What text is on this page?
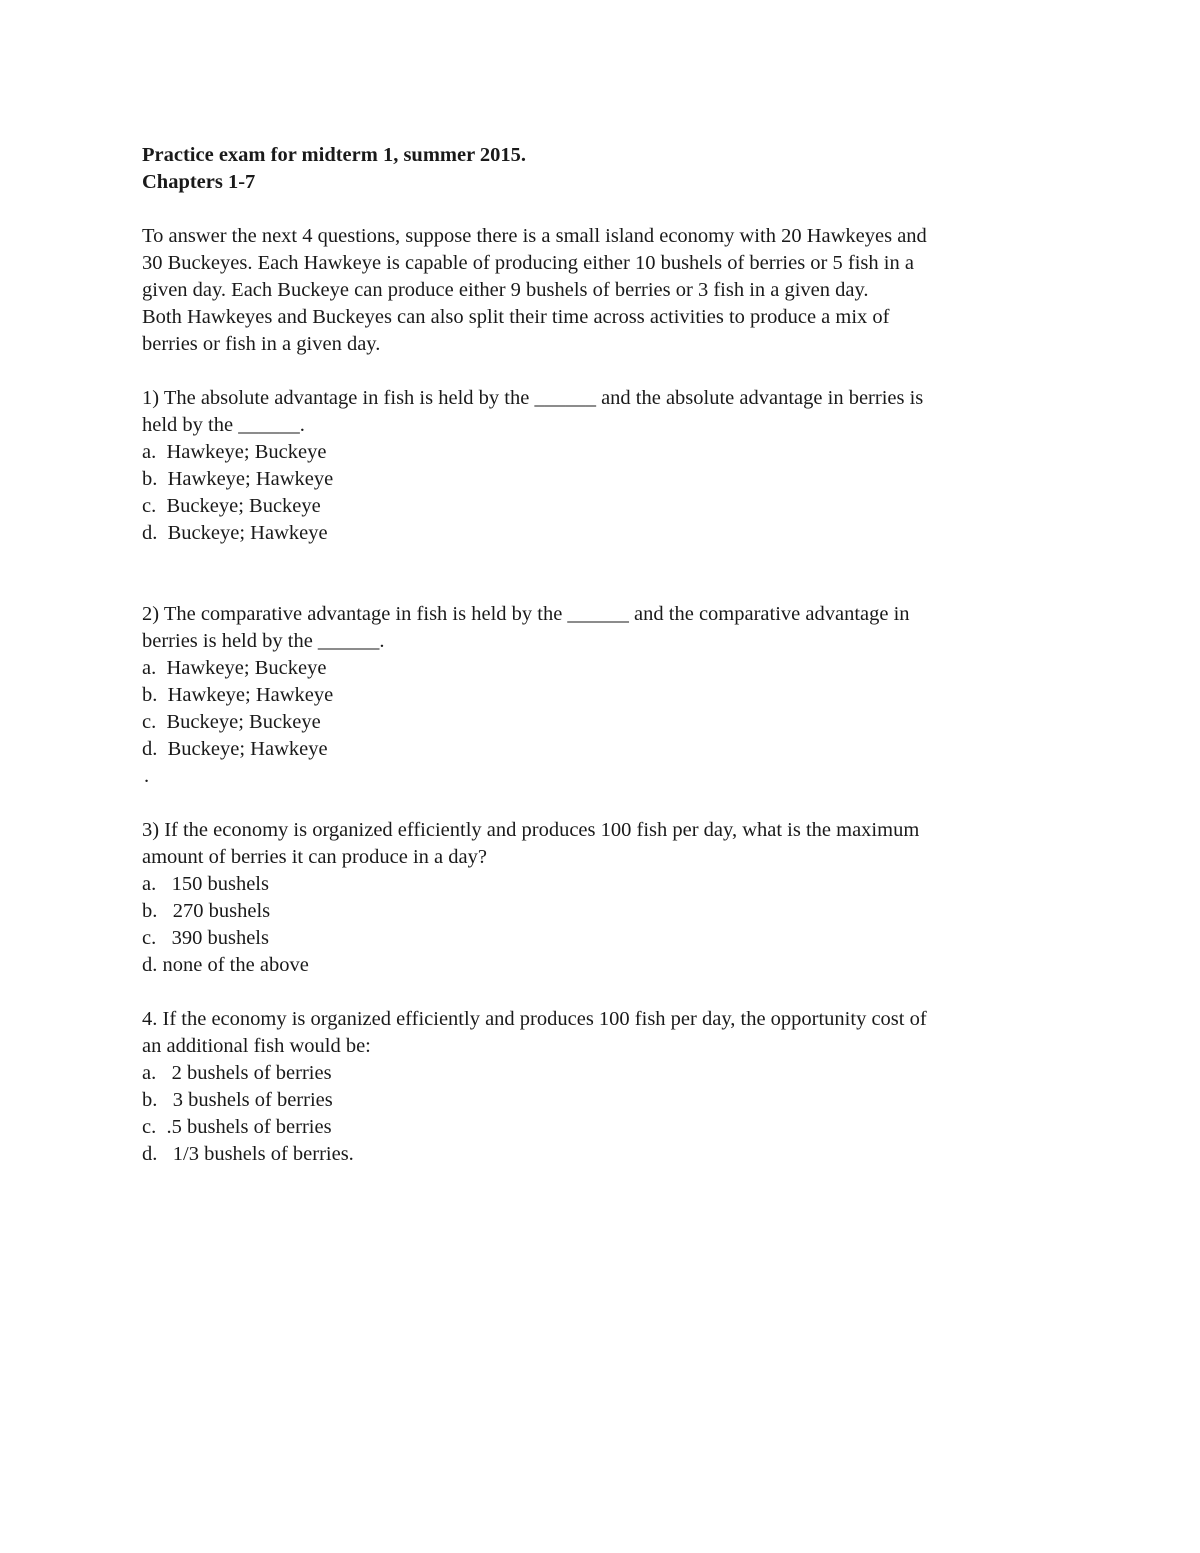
Practice exam for midterm 1, summer 2015.

Chapters 1-7

To answer the next 4 questions, suppose there is a small island economy with 20 Hawkeyes and
30 Buckeyes. Each Hawkeye is capable of producing either 10 bushels of berries or 5 fish in a
given day. Each Buckeye can produce either 9 bushels of berries or 3 fish in a given day.
Both Hawkeyes and Buckeyes can also split their time across activities to produce a mix of
berries or fish in a given day.

1) The absolute advantage in fish is held by the ______ and the absolute advantage in berries is
held by the ______.
a.  Hawkeye; Buckeye
b.  Hawkeye; Hawkeye
c.  Buckeye; Buckeye
d.  Buckeye; Hawkeye
2) The comparative advantage in fish is held by the ______ and the comparative advantage in
berries is held by the ______.
a.  Hawkeye; Buckeye
b.  Hawkeye; Hawkeye
c.  Buckeye; Buckeye
d.  Buckeye; Hawkeye
.
3) If the economy is organized efficiently and produces 100 fish per day, what is the maximum
amount of berries it can produce in a day?
a.   150 bushels
b.   270 bushels
c.   390 bushels
d. none of the above
4. If the economy is organized efficiently and produces 100 fish per day, the opportunity cost of
an additional fish would be:
a.   2 bushels of berries
b.   3 bushels of berries
c.  .5 bushels of berries
d.   1/3 bushels of berries.
